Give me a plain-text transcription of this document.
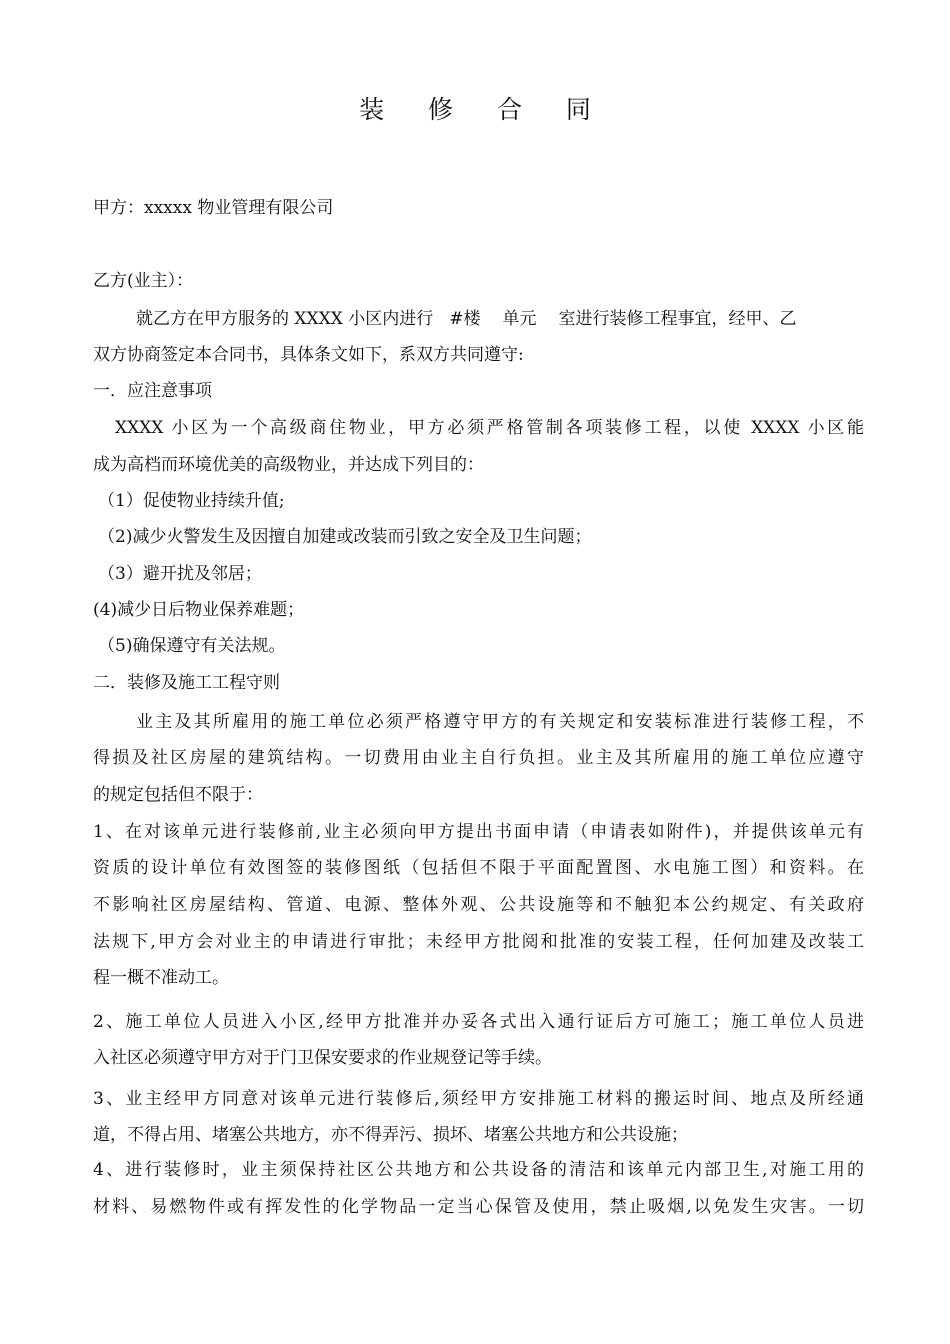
装 修 合 同
甲方：xxxxx 物业管理有限公司
乙方(业主）：
就乙方在甲方服务的 XXXX 小区内进行 #楼 单元 室进行装修工程事宜，经甲、乙
双方协商签定本合同书，具体条文如下，系双方共同遵守:
一．应注意事项
XXXX 小区为一个高级商住物业，甲方必须严格管制各项装修工程，以使 XXXX 小区能
成为高档而环境优美的高级物业，并达成下列目的：
（1）促使物业持续升值;
（2)减少火警发生及因擅自加建或改装而引致之安全及卫生问题；
（3）避开扰及邻居；
(4)减少日后物业保养难题；
（5)确保遵守有关法规。
二．装修及施工工程守则
业主及其所雇用的施工单位必须严格遵守甲方的有关规定和安装标准进行装修工程，不
得损及社区房屋的建筑结构。一切费用由业主自行负担。业主及其所雇用的施工单位应遵守
的规定包括但不限于：
1、在对该单元进行装修前,业主必须向甲方提出书面申请（申请表如附件)，并提供该单元有
资质的设计单位有效图签的装修图纸（包括但不限于平面配置图、水电施工图）和资料。在
不影响社区房屋结构、管道、电源、整体外观、公共设施等和不触犯本公约规定、有关政府
法规下,甲方会对业主的申请进行审批；未经甲方批阅和批准的安装工程，任何加建及改装工
程一概不准动工。
2、施工单位人员进入小区,经甲方批准并办妥各式出入通行证后方可施工；施工单位人员进
入社区必须遵守甲方对于门卫保安要求的作业规登记等手续。
3、业主经甲方同意对该单元进行装修后,须经甲方安排施工材料的搬运时间、地点及所经通
道，不得占用、堵塞公共地方，亦不得弄污、损坏、堵塞公共地方和公共设施；
4、进行装修时，业主须保持社区公共地方和公共设备的清洁和该单元内部卫生,对施工用的
材料、易燃物件或有挥发性的化学物品一定当心保管及使用，禁止吸烟,以免发生灾害。一切
